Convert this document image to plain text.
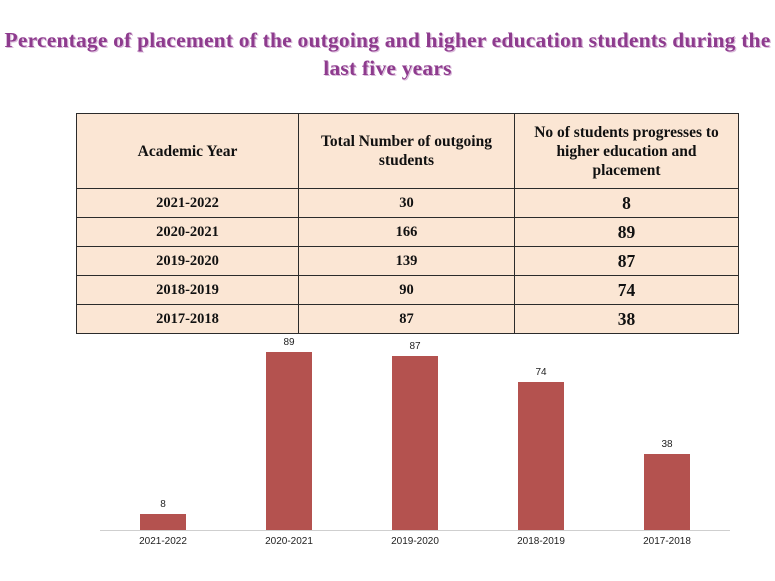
Percentage of placement of the outgoing and higher education students during the last five years
Academic Year	Total Number of outgoing students	No of students progresses to higher education and placement
2021-2022	30	8
2020-2021	166	89
2019-2020	139	87
2018-2019	90	74
2017-2018	87	38
8
89	87
74
38
2021-2022	2020-2021	2019-2020	2018-2019	2017-2018
